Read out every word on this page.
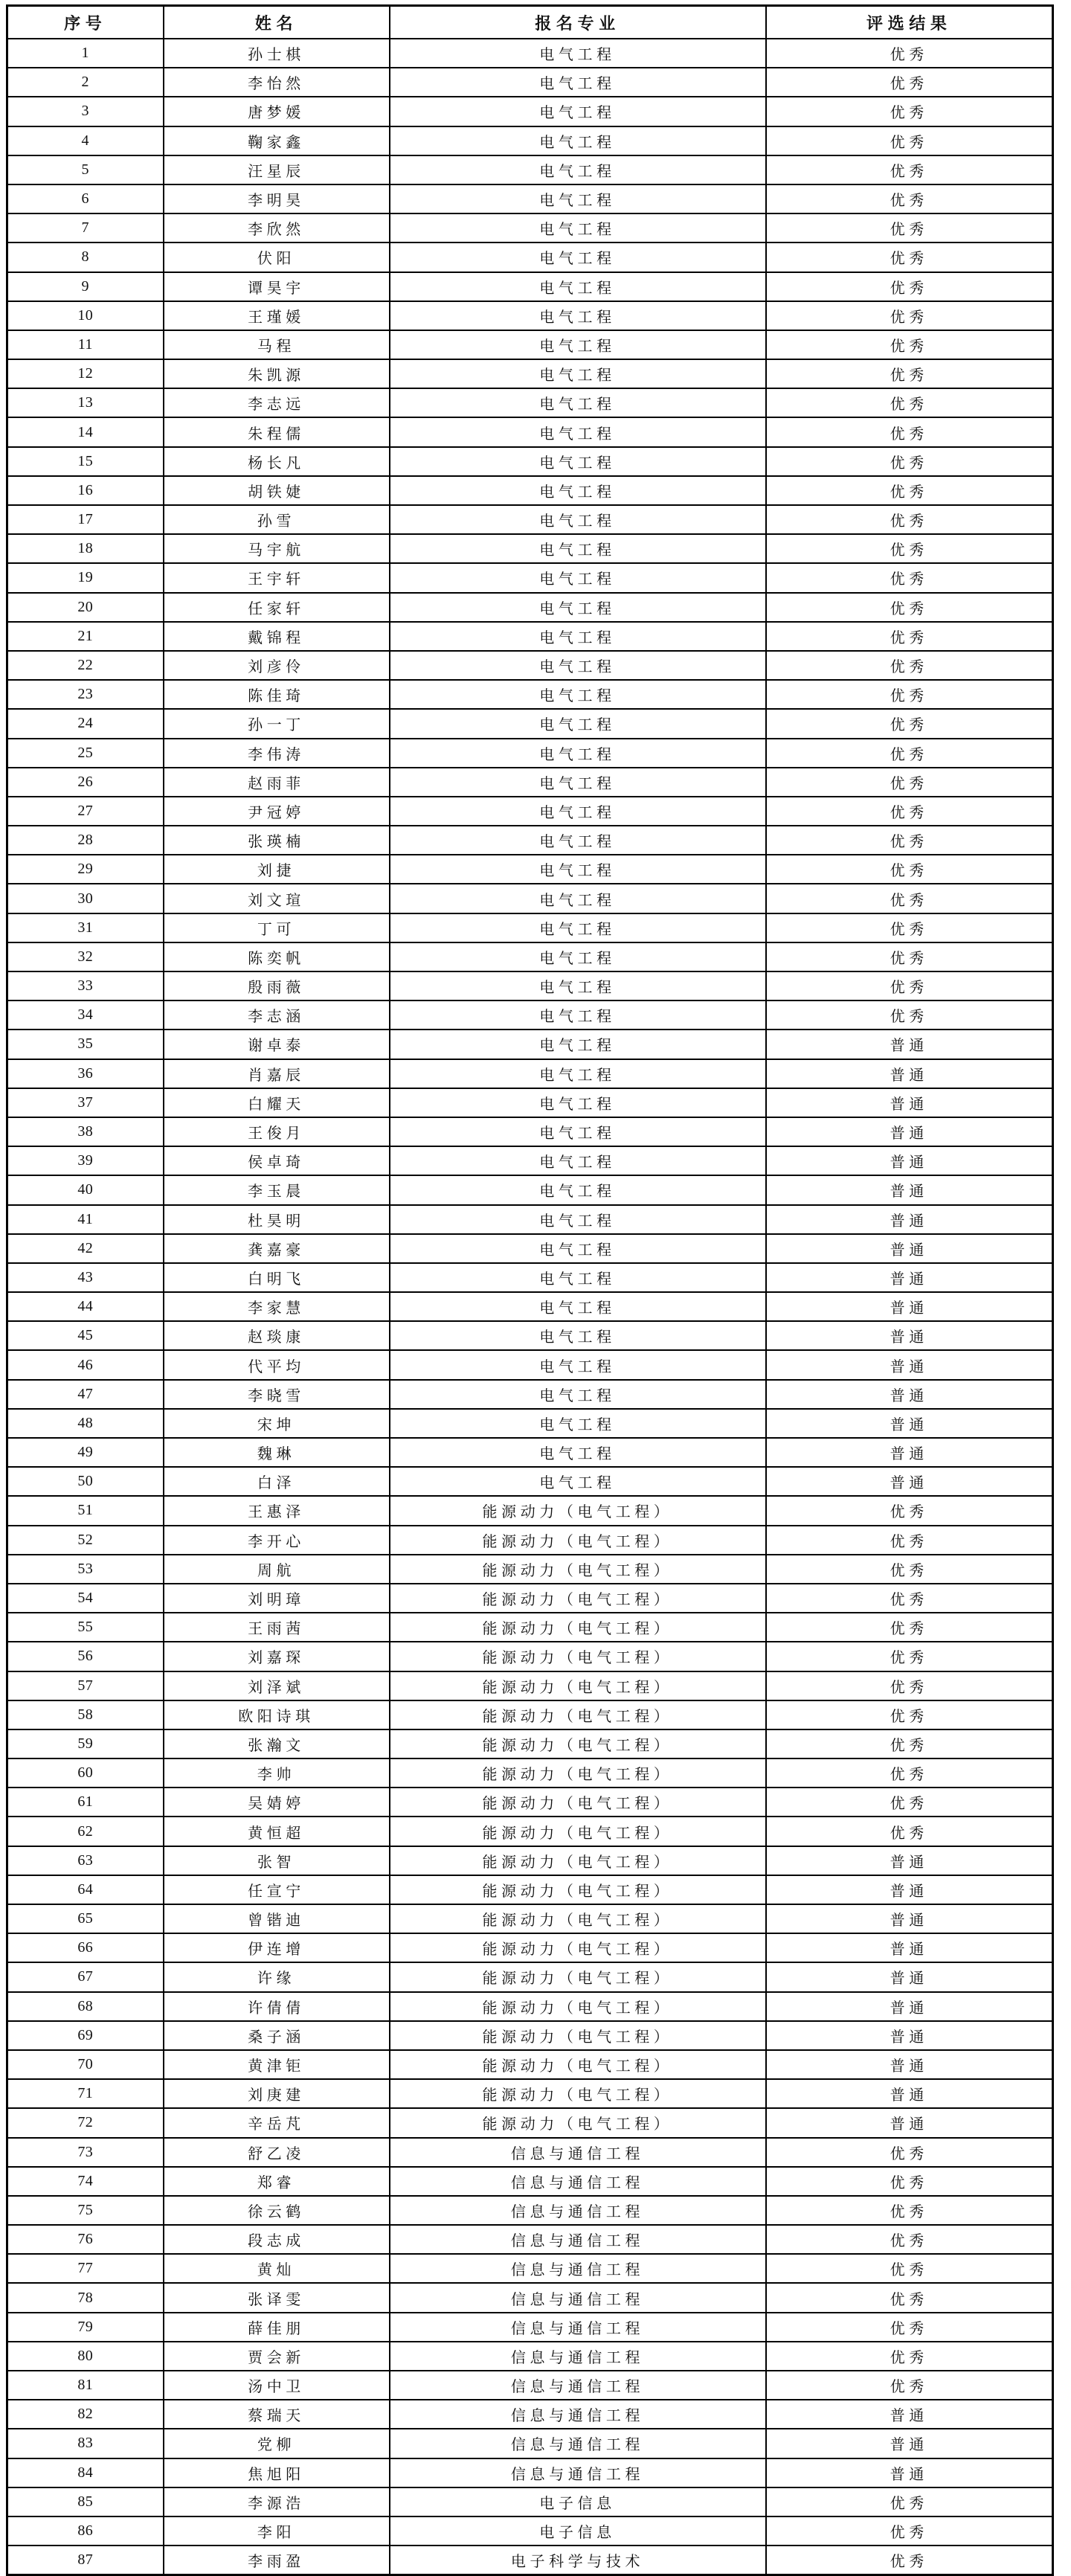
序号	姓名	报名专业	评选结果
1	孙士棋	电气工程	优秀
2	李怡然	电气工程	优秀
3	唐梦媛	电气工程	优秀
4	鞠家鑫	电气工程	优秀
5	汪星辰	电气工程	优秀
6	李明昊	电气工程	优秀
7	李欣然	电气工程	优秀
8	伏阳	电气工程	优秀
9	谭昊宇	电气工程	优秀
10	王瑾媛	电气工程	优秀
11	马程	电气工程	优秀
12	朱凯源	电气工程	优秀
13	李志远	电气工程	优秀
14	朱程儒	电气工程	优秀
15	杨长凡	电气工程	优秀
16	胡铁婕	电气工程	优秀
17	孙雪	电气工程	优秀
18	马宇航	电气工程	优秀
19	王宇轩	电气工程	优秀
20	任家轩	电气工程	优秀
21	戴锦程	电气工程	优秀
22	刘彦伶	电气工程	优秀
23	陈佳琦	电气工程	优秀
24	孙一丁	电气工程	优秀
25	李伟涛	电气工程	优秀
26	赵雨菲	电气工程	优秀
27	尹冠婷	电气工程	优秀
28	张瑛楠	电气工程	优秀
29	刘捷	电气工程	优秀
30	刘文瑄	电气工程	优秀
31	丁可	电气工程	优秀
32	陈奕帆	电气工程	优秀
33	殷雨薇	电气工程	优秀
34	李志涵	电气工程	优秀
35	谢卓泰	电气工程	普通
36	肖嘉辰	电气工程	普通
37	白耀天	电气工程	普通
38	王俊月	电气工程	普通
39	侯卓琦	电气工程	普通
40	李玉晨	电气工程	普通
41	杜昊明	电气工程	普通
42	龚嘉豪	电气工程	普通
43	白明飞	电气工程	普通
44	李家慧	电气工程	普通
45	赵琰康	电气工程	普通
46	代平均	电气工程	普通
47	李晓雪	电气工程	普通
48	宋坤	电气工程	普通
49	魏琳	电气工程	普通
50	白泽	电气工程	普通
51	王惠泽	能源动力（电气工程）	优秀
52	李开心	能源动力（电气工程）	优秀
53	周航	能源动力（电气工程）	优秀
54	刘明璋	能源动力（电气工程）	优秀
55	王雨茜	能源动力（电气工程）	优秀
56	刘嘉琛	能源动力（电气工程）	优秀
57	刘泽斌	能源动力（电气工程）	优秀
58	欧阳诗琪	能源动力（电气工程）	优秀
59	张瀚文	能源动力（电气工程）	优秀
60	李帅	能源动力（电气工程）	优秀
61	吴婧婷	能源动力（电气工程）	优秀
62	黄恒超	能源动力（电气工程）	优秀
63	张智	能源动力（电气工程）	普通
64	任宣宁	能源动力（电气工程）	普通
65	曾锴迪	能源动力（电气工程）	普通
66	伊连增	能源动力（电气工程）	普通
67	许缘	能源动力（电气工程）	普通
68	许倩倩	能源动力（电气工程）	普通
69	桑子涵	能源动力（电气工程）	普通
70	黄津钜	能源动力（电气工程）	普通
71	刘庚建	能源动力（电气工程）	普通
72	辛岳芃	能源动力（电气工程）	普通
73	舒乙凌	信息与通信工程	优秀
74	郑睿	信息与通信工程	优秀
75	徐云鹤	信息与通信工程	优秀
76	段志成	信息与通信工程	优秀
77	黄灿	信息与通信工程	优秀
78	张译雯	信息与通信工程	优秀
79	薛佳朋	信息与通信工程	优秀
80	贾会新	信息与通信工程	优秀
81	汤中卫	信息与通信工程	优秀
82	蔡瑞天	信息与通信工程	普通
83	党柳	信息与通信工程	普通
84	焦旭阳	信息与通信工程	普通
85	李源浩	电子信息	优秀
86	李阳	电子信息	优秀
87	李雨盈	电子科学与技术	优秀
